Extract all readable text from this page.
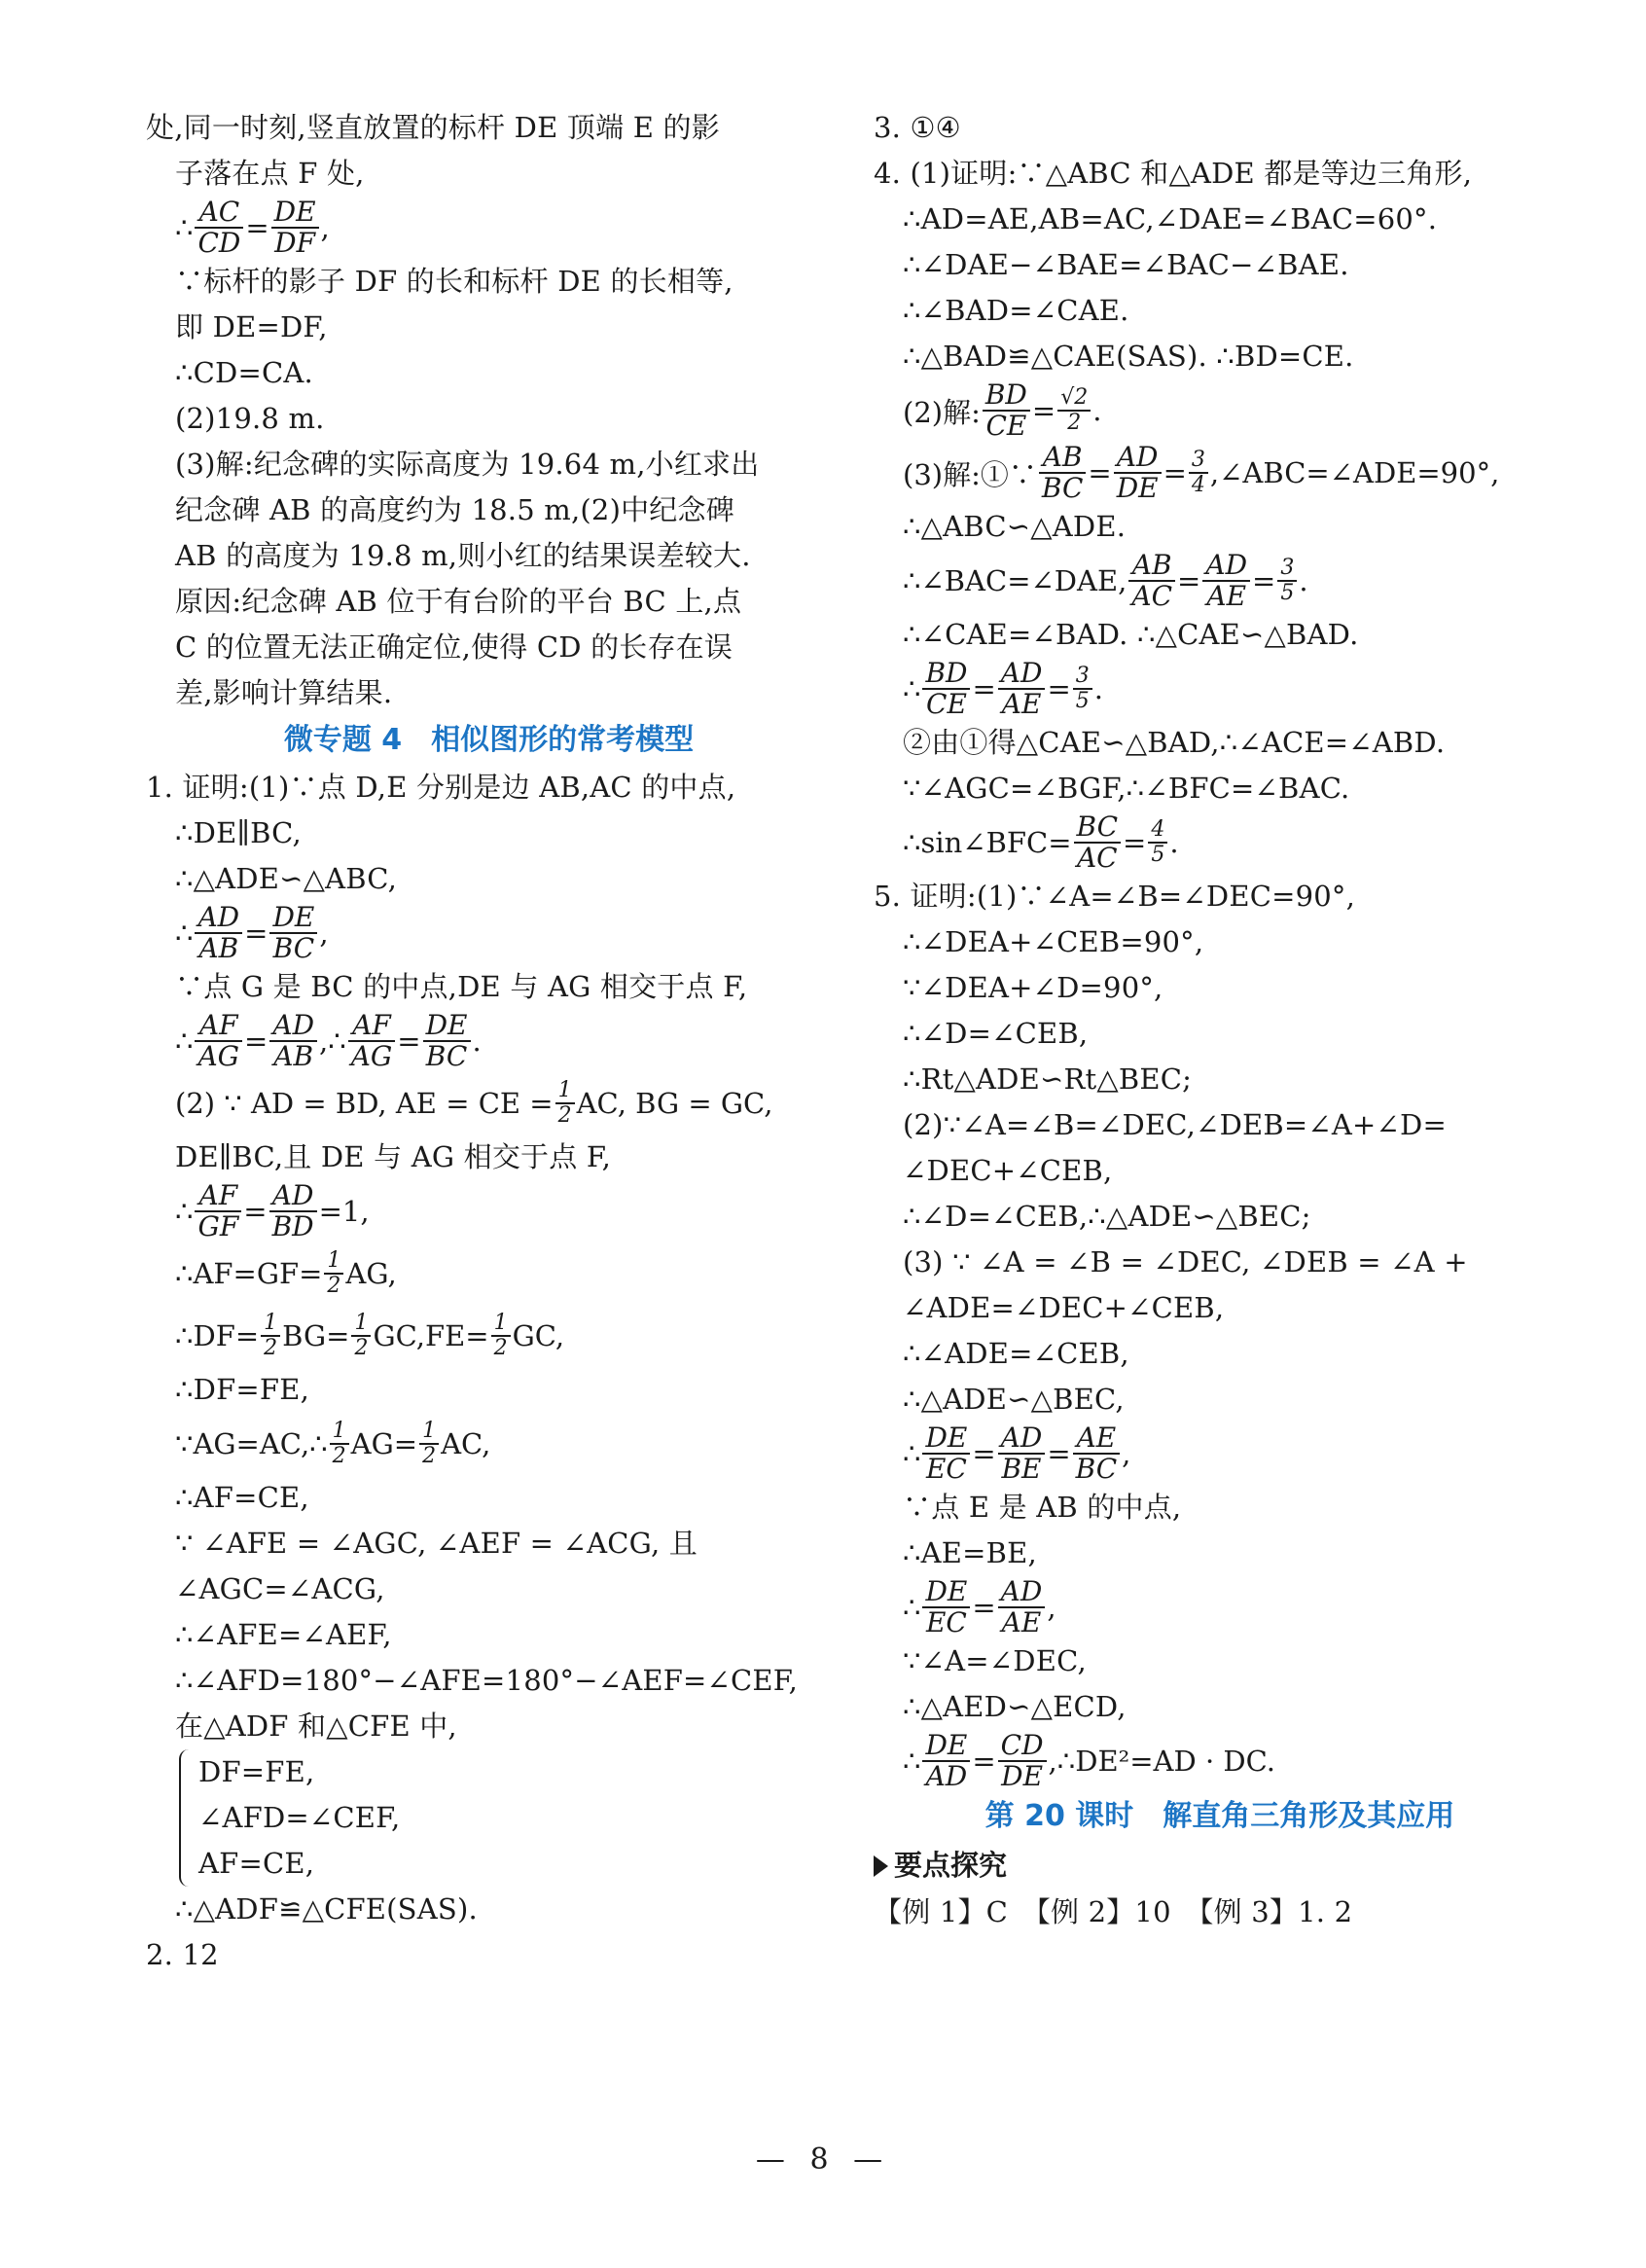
处,同一时刻,竖直放置的标杆 DE 顶端 E 的影
子落在点 F 处,
∴ $\frac{AC}{CD} = \frac{DE}{DF}$ ,
∵标杆的影子 DF 的长和标杆 DE 的长相等,
即 DE=DF,
∴CD=CA.
(2)19.8 m.
(3)解:纪念碑的实际高度为 19.64 m,小红求出
纪念碑 AB 的高度约为 18.5 m,(2)中纪念碑
AB 的高度为 19.8 m,则小红的结果误差较大.
原因:纪念碑 AB 位于有台阶的平台 BC 上,点
C 的位置无法正确定位,使得 CD 的长存在误
差,影响计算结果.
微专题 4　相似图形的常考模型
1. 证明:(1)∵点 D,E 分别是边 AB,AC 的中点,
∴DE∥BC,
∴△ADE∽△ABC,
∴ $\frac{AD}{AB} = \frac{DE}{BC}$ ,
∵点 G 是 BC 的中点,DE 与 AG 相交于点 F,
∴ $\frac{AF}{AG} = \frac{AD}{AB}$ ,∴ $\frac{AF}{AG} = \frac{DE}{BC}$ .
(2) ∵ AD = BD, AE = CE = $\frac{1}{2}$ AC, BG = GC,
DE∥BC,且 DE 与 AG 相交于点 F,
∴ $\frac{AF}{GF} = \frac{AD}{BD} =1$,
∴AF=GF= $\frac{1}{2}$ AG,
∴DF= $\frac{1}{2} BG= \frac{1}{2} GC,FE= \frac{1}{2}$ GC,
∴DF=FE,
∵AG=AC,∴ $\frac{1}{2} AG= \frac{1}{2}$ AC,
∴AF=CE,
∵ ∠AFE = ∠AGC, ∠AEF = ∠ACG, 且
∠AGC=∠ACG,
∴∠AFE=∠AEF,
∴∠AFD=180°−∠AFE=180°−∠AEF=∠CEF,
在△ADF 和△CFE 中,
DF=FE,
∠AFD=∠CEF,
AF=CE,
∴△ADF≌△CFE(SAS).
2. 12
3. ①④
4. (1)证明:∵△ABC 和△ADE 都是等边三角形,
∴AD=AE,AB=AC,∠DAE=∠BAC=60°.
∴∠DAE−∠BAE=∠BAC−∠BAE.
∴∠BAD=∠CAE.
∴△BAD≌△CAE(SAS). ∴BD=CE.
(2)解: $\frac{BD}{CE} = \frac{√2}{2}$ .
(3)解:①∵ $\frac{AB}{BC} = \frac{AD}{DE} = \frac{3}{4}$ ,∠ABC=∠ADE=90°,
∴△ABC∽△ADE.
∴∠BAC=∠DAE, $\frac{AB}{AC} = \frac{AD}{AE} = \frac{3}{5}$ .
∴∠CAE=∠BAD. ∴△CAE∽△BAD.
∴ $\frac{BD}{CE} = \frac{AD}{AE} = \frac{3}{5}$ .
②由①得△CAE∽△BAD,∴∠ACE=∠ABD.
∵∠AGC=∠BGF,∴∠BFC=∠BAC.
∴sin∠BFC= $\frac{BC}{AC} = \frac{4}{5}$ .
5. 证明:(1)∵∠A=∠B=∠DEC=90°,
∴∠DEA+∠CEB=90°,
∵∠DEA+∠D=90°,
∴∠D=∠CEB,
∴Rt△ADE∽Rt△BEC;
(2)∵∠A=∠B=∠DEC,∠DEB=∠A+∠D=
∠DEC+∠CEB,
∴∠D=∠CEB,∴△ADE∽△BEC;
(3) ∵ ∠A = ∠B = ∠DEC, ∠DEB = ∠A +
∠ADE=∠DEC+∠CEB,
∴∠ADE=∠CEB,
∴△ADE∽△BEC,
∴ $\frac{DE}{EC} = \frac{AD}{BE} = \frac{AE}{BC}$ ,
∵点 E 是 AB 的中点,
∴AE=BE,
∴ $\frac{DE}{EC} = \frac{AD}{AE}$ ,
∵∠A=∠DEC,
∴△AED∽△ECD,
∴ $\frac{DE}{AD} = \frac{CD}{DE}$ ,∴DE²=AD · DC.
第 20 课时　解直角三角形及其应用
要点探究
【例 1】C　【例 2】10　【例 3】1. 2
— 8 —
